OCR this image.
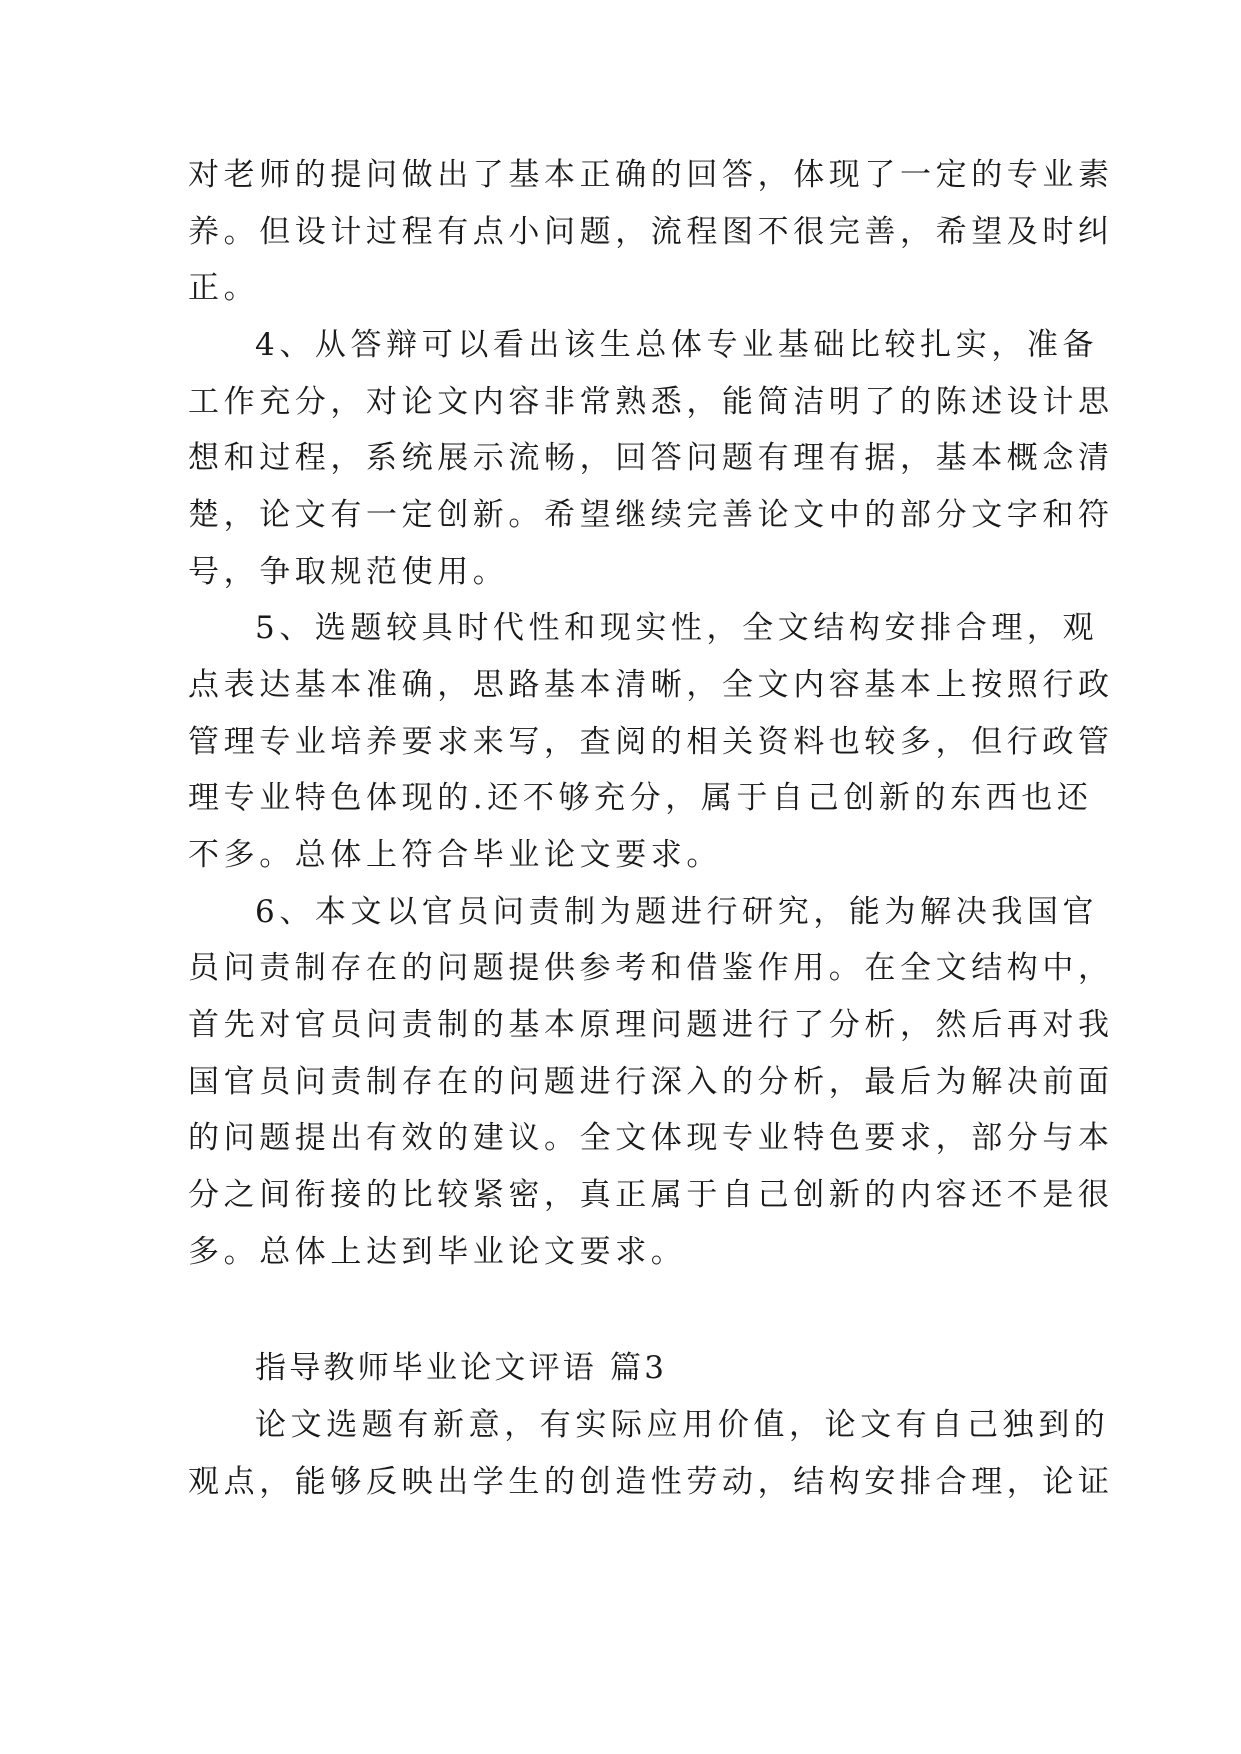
对老师的提问做出了基本正确的回答，体现了一定的专业素

养。但设计过程有点小问题，流程图不很完善，希望及时纠

正。

4、从答辩可以看出该生总体专业基础比较扎实，准备

工作充分，对论文内容非常熟悉，能简洁明了的陈述设计思

想和过程，系统展示流畅，回答问题有理有据，基本概念清

楚，论文有一定创新。希望继续完善论文中的部分文字和符

号，争取规范使用。

5、选题较具时代性和现实性，全文结构安排合理，观

点表达基本准确，思路基本清晰，全文内容基本上按照行政

管理专业培养要求来写，查阅的相关资料也较多，但行政管

理专业特色体现的.还不够充分，属于自己创新的东西也还

不多。总体上符合毕业论文要求。

6、本文以官员问责制为题进行研究，能为解决我国官

员问责制存在的问题提供参考和借鉴作用。在全文结构中，

首先对官员问责制的基本原理问题进行了分析，然后再对我

国官员问责制存在的问题进行深入的分析，最后为解决前面

的问题提出有效的建议。全文体现专业特色要求，部分与本

分之间衔接的比较紧密，真正属于自己创新的内容还不是很

多。总体上达到毕业论文要求。

指导教师毕业论文评语 篇3

论文选题有新意，有实际应用价值，论文有自己独到的

观点，能够反映出学生的创造性劳动，结构安排合理，论证
